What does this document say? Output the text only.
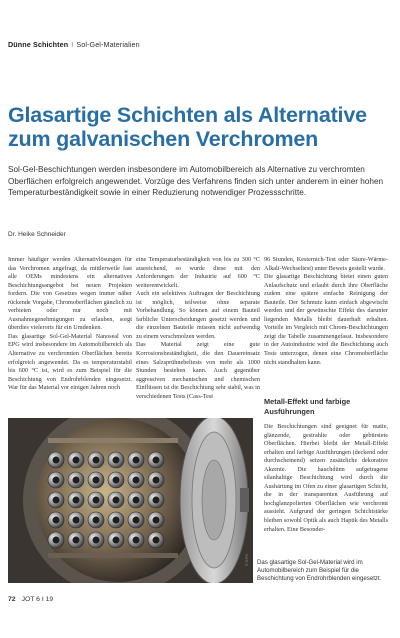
Dünne Schichten I Sol-Gel-Materialien
Glasartige Schichten als Alternative zum galvanischen Verchromen
Sol-Gel-Beschichtungen werden insbesondere im Automobilbereich als Alternative zu verchromten Oberflächen erfolgreich angewendet. Vorzüge des Verfahrens finden sich unter anderem in einer hohen Temperaturbeständigkeit sowie in einer Reduzierung notwendiger Prozessschritte.
Dr. Heike Schneider

Immer häufiger werden Alternativlösungen für das Verchromen angefragt, da mittlerweile fast alle OEMs mindestens ein alternatives Beschichtungsangebot bei neuen Projekten fordern. Die von Gesetzes wegen immer näher rückende Vorgabe, Chromoberflächen gänzlich zu verbieten oder nur noch mit Ausnahmegenehmigungen zu erlauben, sorgt überdies vielerorts für ein Umdenken.

Das glasartige Sol-Gel-Material Nanoseal von EPG wird insbesondere im Automobilbereich als Alternative zu verchromten Oberflächen bereits erfolgreich angewendet. Da es temperaturstabil bis 600 °C ist, wird es zum Beispiel für die Beschichtung von Endrohrblenden eingesetzt. War für das Material vor einigen Jahren noch

eine Temperaturbeständigkeit von bis zu 300 °C ausreichend, so wurde diese mit den Anforderungen der Industrie auf 600 °C weiterentwickelt.

Auch ein selektives Auftragen der Beschichtung ist möglich, teilweise ohne separate Vorbehandlung. So können auf einem Bauteil farbliche Unterscheidungen gesetzt werden und die einzelnen Bauteile müssen nicht aufwendig zu einem verschmolzen werden.

Das Material zeigt eine gute Korrosionsbeständigkeit, die den Dauereinsatz eines Salzsprühnebeltests von mehr als 1000 Stunden bestehen kann. Auch gegenüber aggressiven mechanischen und chemischen Einflüssen ist die Beschichtung sehr stabil, was in verschiedenen Tests (Cass-Test

96 Stunden, Kesternich-Test oder Säure-Wärme-Alkali-Wechseltest) unter Beweis gestellt wurde.

Die glasartige Beschichtung bietet einen guten Anlaufschutz und erlaubt durch ihre Oberfläche zudem eine spätere einfache Reinigung der Bauteile. Der Schmutz kann einfach abgewischt werden und der gewünschte Effekt des darunter liegenden Metalls bleibt dauerhaft erhalten. Vorteile im Vergleich mit Chrom-Beschichtungen zeigt die Tabelle zusammengefasst. Insbesondere in der Autoindustrie wird die Beschichtung auch Tests unterzogen, denen eine Chromoberfläche nicht standhalten kann.

Metall-Effekt und farbige Ausführungen

Die Beschichtungen sind geeignet für matte, glänzende, gestrahlte oder gebürstete Oberflächen. Hierbei bleibt der Metall-Effekt erhalten und farbige Ausführungen (deckend oder durchscheinend) setzen zusätzliche dekorative Akzente. Die hauchdünn aufgetragene silanhaltige Beschichtung wird durch die Aushärtung im Ofen zu einer glasartigen Schicht, die in der transparenten Ausführung auf hochglanzpolierten Oberflächen wie verchromt aussieht. Aufgrund der geringen Schichtstärke bleiben sowohl Optik als auch Haptik des Metalls erhalten. Eine Besonder-

© EPG Das glasartige Sol-Gel-Material wird im Automobilbereich zum Beispiel für die Beschichtung von Endrohrblenden eingesetzt.
72 JOT 6 I 19
